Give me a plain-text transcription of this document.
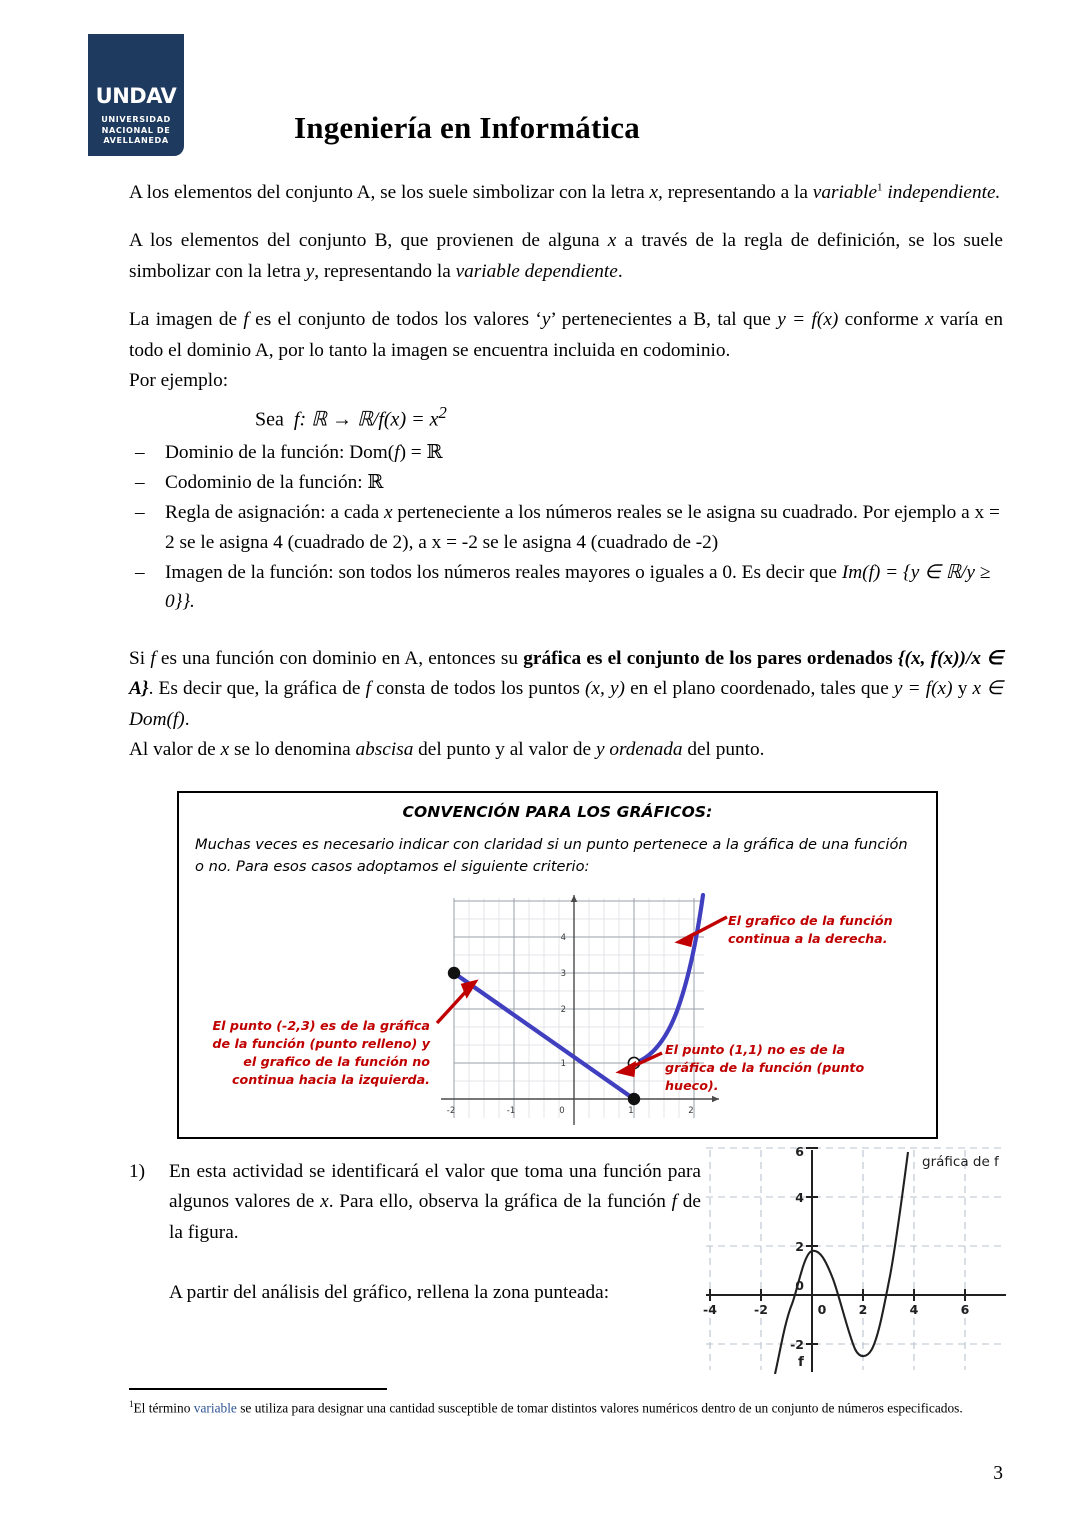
UNDAV
UNIVERSIDAD
NACIONAL DE
AVELLANEDA	Ingeniería en Informática

A los elementos del conjunto A, se los suele simbolizar con la letra x, representando a la variable$^1$ independiente.

A los elementos del conjunto B, que provienen de alguna x a través de la regla de definición, se los suele simbolizar con la letra y, representando la variable dependiente.

La imagen de f es el conjunto de todos los valores ‘y’ pertenecientes a B, tal que y = f(x) conforme x varía en todo el dominio A, por lo tanto la imagen se encuentra incluida en codominio.

Por ejemplo:

Sea f: ℝ → ℝ/f(x) = $x^2$
– Dominio de la función: Dom(f) = ℝ
– Codominio de la función: ℝ
– Regla de asignación: a cada x perteneciente a los números reales se le asigna su cuadrado. Por ejemplo a x = 2 se le asigna 4 (cuadrado de 2), a x = -2 se le asigna 4 (cuadrado de -2)
– Imagen de la función: son todos los números reales mayores o iguales a 0. Es decir que Im(f) = {y ∈ ℝ/y ≥ 0}}.

Si f es una función con dominio en A, entonces su gráfica es el conjunto de los pares ordenados {(x, f(x))/x ∈ A}. Es decir que, la gráfica de f consta de todos los puntos (x, y) en el plano coordenado, tales que y = f(x) y x ∈ Dom(f).

Al valor de x se lo denomina abscisa del punto y al valor de y ordenada del punto.

CONVENCIÓN PARA LOS GRÁFICOS:
Muchas veces es necesario indicar con claridad si un punto pertenece a la gráfica de una función o no. Para esos casos adoptamos el siguiente criterio:
-2	-1	0	1	2
1
2
3
4
El grafico de la función continua a la derecha.
El punto (-2,3) es de la gráfica de la función (punto relleno) y el grafico de la función no continua hacia la izquierda.
El punto (1,1) no es de la gráfica de la función (punto hueco).
1) En esta actividad se identificará el valor que toma una función para algunos valores de x. Para ello, observa la gráfica de la función f de la figura.

A partir del análisis del gráfico, rellena la zona punteada:

-4	-2	0	2	4	6
-2
0
2
4
6
gráfica de f
f
$^1$El término variable se utiliza para designar una cantidad susceptible de tomar distintos valores numéricos dentro de un conjunto de números especificados.
3
